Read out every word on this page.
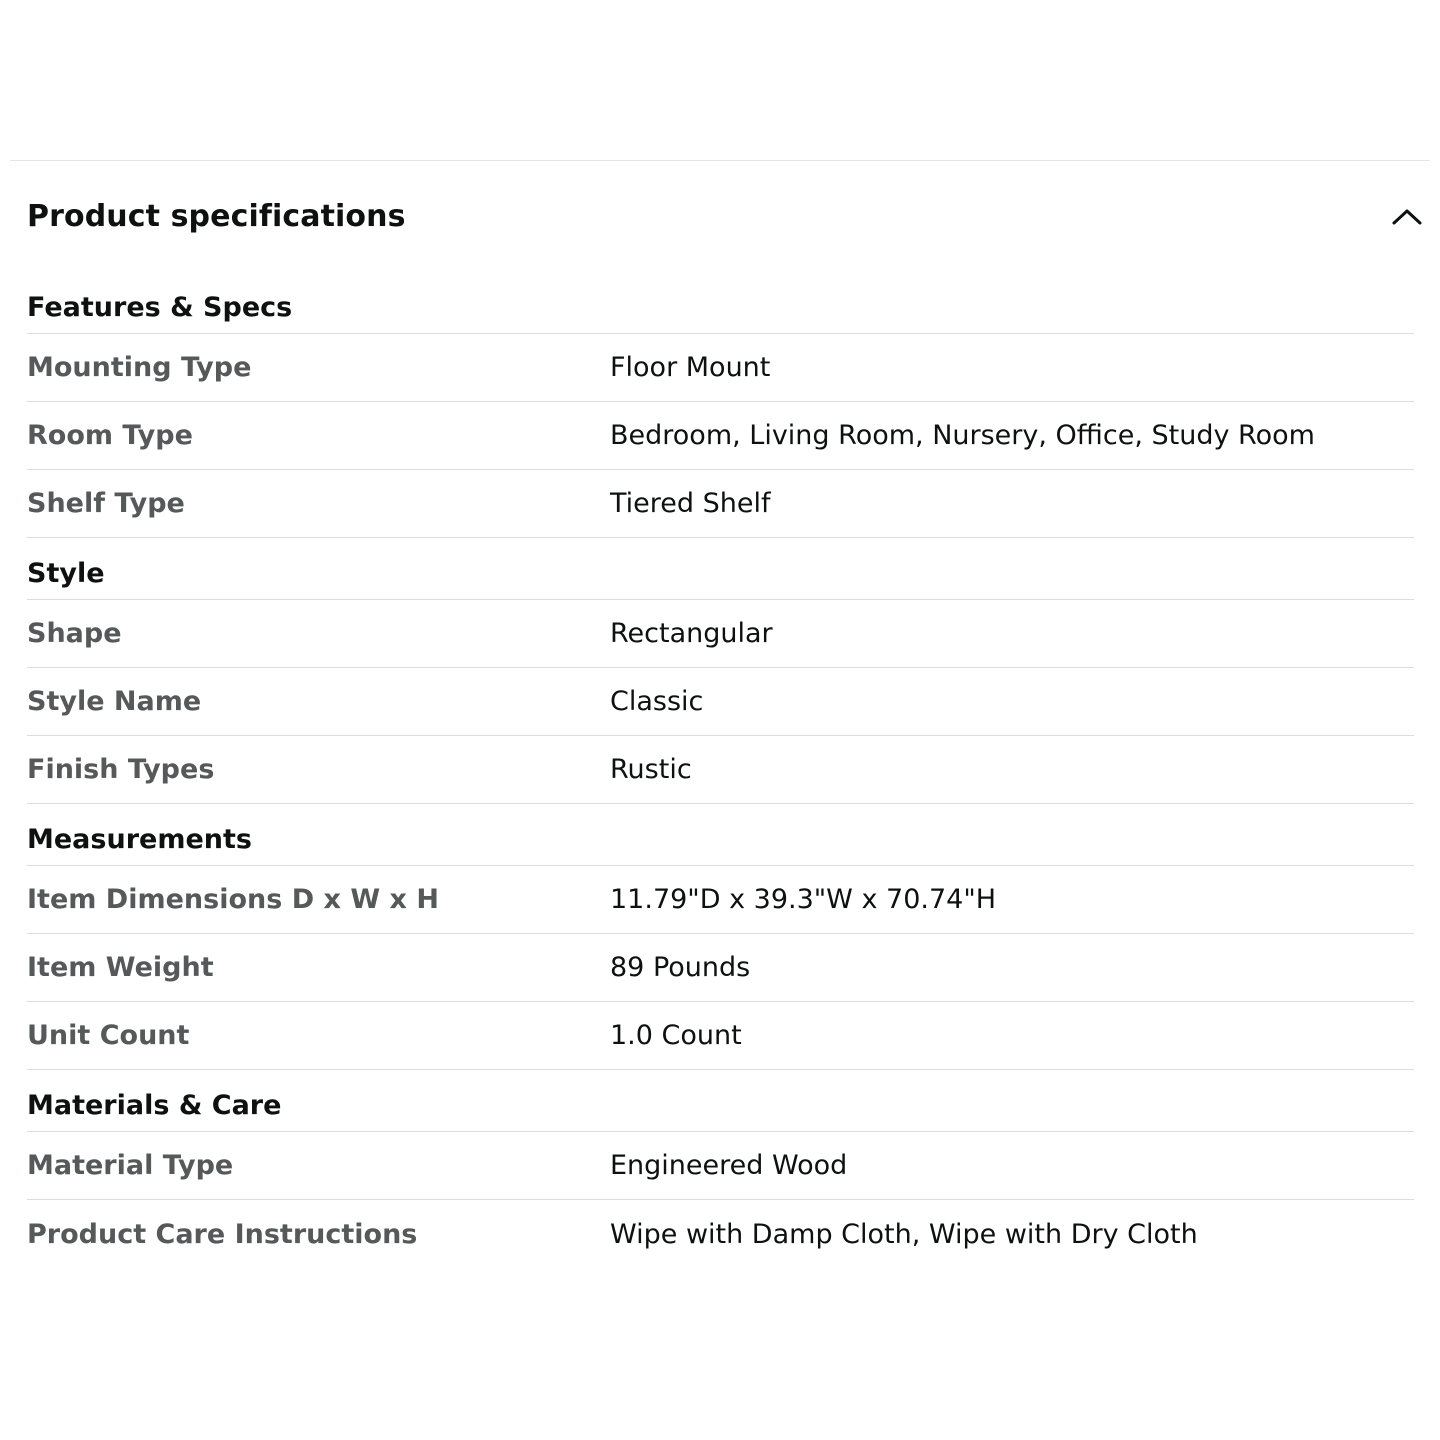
Product specifications
Features & Specs
Mounting Type	Floor Mount
Room Type	Bedroom, Living Room, Nursery, Office, Study Room
Shelf Type	Tiered Shelf
Style
Shape	Rectangular
Style Name	Classic
Finish Types	Rustic
Measurements
Item Dimensions D x W x H	11.79"D x 39.3"W x 70.74"H
Item Weight	89 Pounds
Unit Count	1.0 Count
Materials & Care
Material Type	Engineered Wood
Product Care Instructions	Wipe with Damp Cloth, Wipe with Dry Cloth
